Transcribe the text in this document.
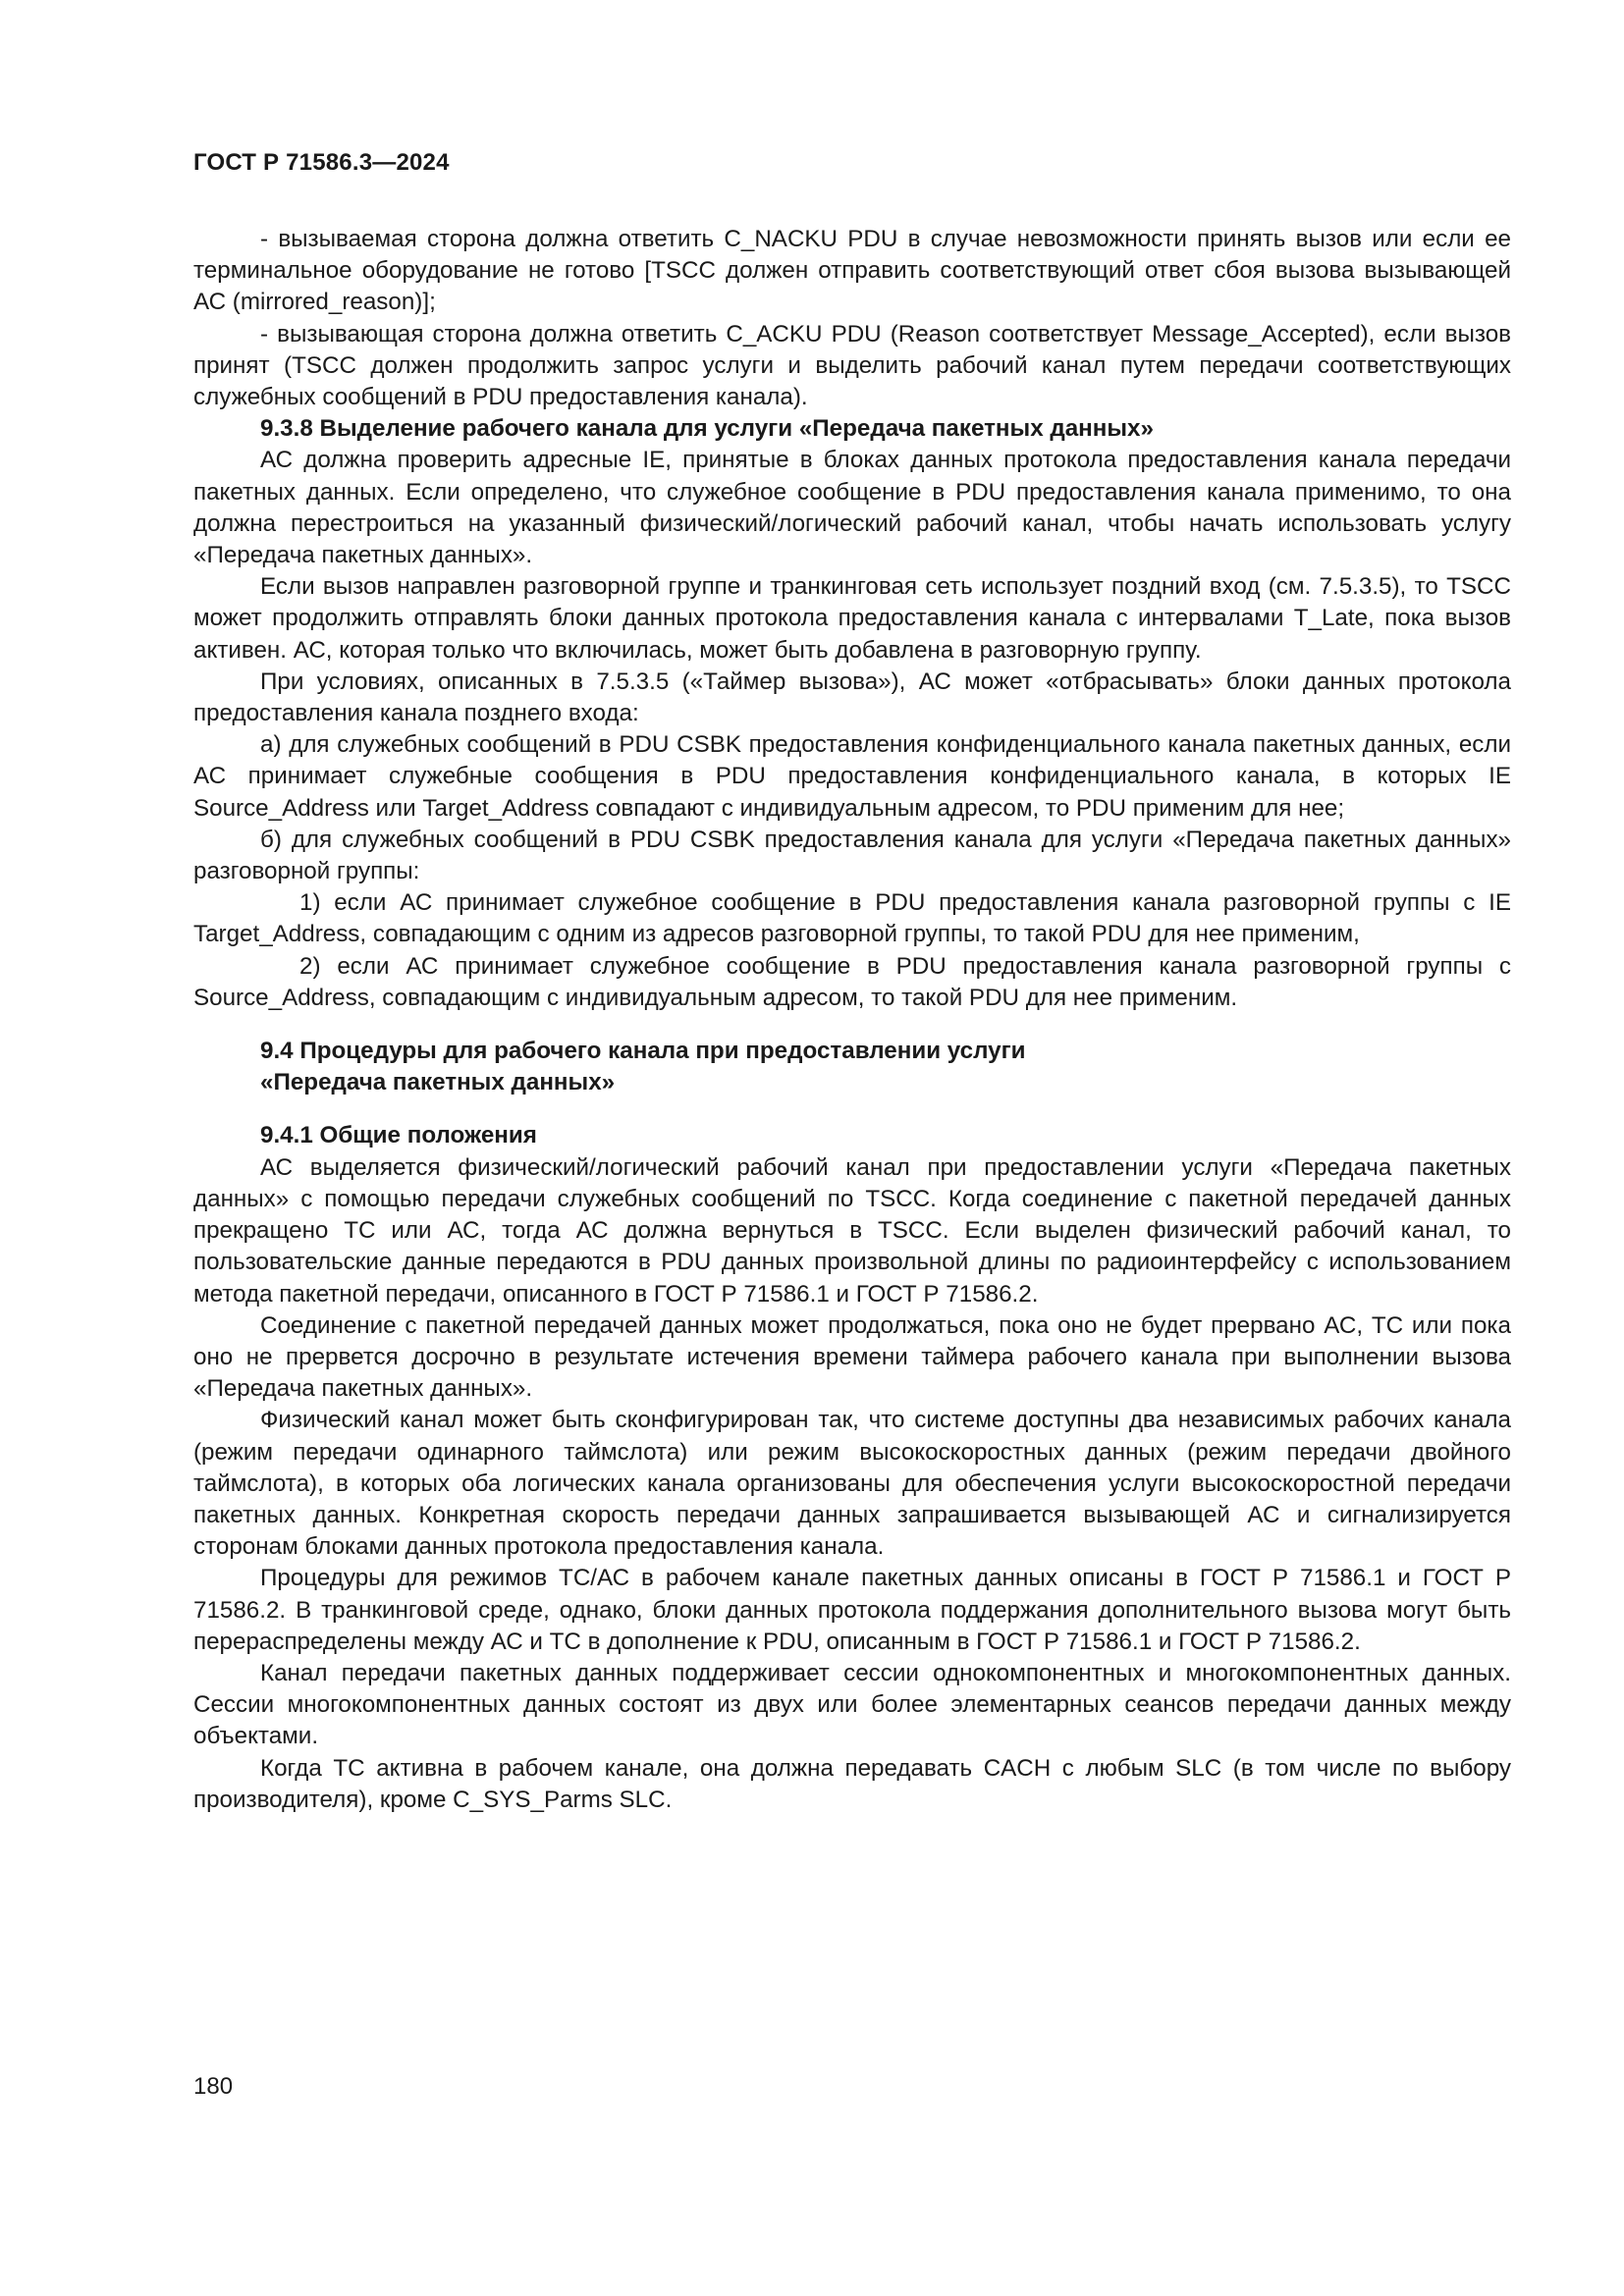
ГОСТ Р 71586.3—2024

- вызываемая сторона должна ответить C_NACKU PDU в случае невозможности принять вызов или если ее терминальное оборудование не готово [TSCC должен отправить соответствующий ответ сбоя вызова вызывающей АС (mirrored_reason)];

- вызывающая сторона должна ответить C_ACKU PDU (Reason соответствует Message_Accepted), если вызов принят (TSCC должен продолжить запрос услуги и выделить рабочий канал путем передачи соответствующих служебных сообщений в PDU предоставления канала).

9.3.8 Выделение рабочего канала для услуги «Передача пакетных данных»

АС должна проверить адресные IE, принятые в блоках данных протокола предоставления канала передачи пакетных данных. Если определено, что служебное сообщение в PDU предоставления канала применимо, то она должна перестроиться на указанный физический/логический рабочий канал, чтобы начать использовать услугу «Передача пакетных данных».

Если вызов направлен разговорной группе и транкинговая сеть использует поздний вход (см. 7.5.3.5), то TSCC может продолжить отправлять блоки данных протокола предоставления канала с интервалами T_Late, пока вызов активен. АС, которая только что включилась, может быть добавлена в разговорную группу.

При условиях, описанных в 7.5.3.5 («Таймер вызова»), АС может «отбрасывать» блоки данных протокола предоставления канала позднего входа:

а) для служебных сообщений в PDU CSBK предоставления конфиденциального канала пакетных данных, если АС принимает служебные сообщения в PDU предоставления конфиденциального канала, в которых IE Source_Address или Target_Address совпадают с индивидуальным адресом, то PDU применим для нее;

б) для служебных сообщений в PDU CSBK предоставления канала для услуги «Передача пакетных данных» разговорной группы:

1) если АС принимает служебное сообщение в PDU предоставления канала разговорной группы с IE Target_Address, совпадающим с одним из адресов разговорной группы, то такой PDU для нее применим,

2) если АС принимает служебное сообщение в PDU предоставления канала разговорной группы с Source_Address, совпадающим с индивидуальным адресом, то такой PDU для нее применим.

9.4 Процедуры для рабочего канала при предоставлении услуги
«Передача пакетных данных»

9.4.1 Общие положения

АС выделяется физический/логический рабочий канал при предоставлении услуги «Передача пакетных данных» с помощью передачи служебных сообщений по TSCC. Когда соединение с пакетной передачей данных прекращено ТС или АС, тогда АС должна вернуться в TSCC. Если выделен физический рабочий канал, то пользовательские данные передаются в PDU данных произвольной длины по радиоинтерфейсу с использованием метода пакетной передачи, описанного в ГОСТ Р 71586.1 и ГОСТ Р 71586.2.

Соединение с пакетной передачей данных может продолжаться, пока оно не будет прервано АС, ТС или пока оно не прервется досрочно в результате истечения времени таймера рабочего канала при выполнении вызова «Передача пакетных данных».

Физический канал может быть сконфигурирован так, что системе доступны два независимых рабочих канала (режим передачи одинарного таймслота) или режим высокоскоростных данных (режим передачи двойного таймслота), в которых оба логических канала организованы для обеспечения услуги высокоскоростной передачи пакетных данных. Конкретная скорость передачи данных запрашивается вызывающей АС и сигнализируется сторонам блоками данных протокола предоставления канала.

Процедуры для режимов ТС/АС в рабочем канале пакетных данных описаны в ГОСТ Р 71586.1 и ГОСТ Р 71586.2. В транкинговой среде, однако, блоки данных протокола поддержания дополнительного вызова могут быть перераспределены между АС и ТС в дополнение к PDU, описанным в ГОСТ Р 71586.1 и ГОСТ Р 71586.2.

Канал передачи пакетных данных поддерживает сессии однокомпонентных и многокомпонентных данных. Сессии многокомпонентных данных состоят из двух или более элементарных сеансов передачи данных между объектами.

Когда ТС активна в рабочем канале, она должна передавать CACH с любым SLC (в том числе по выбору производителя), кроме C_SYS_Parms SLC.

180
